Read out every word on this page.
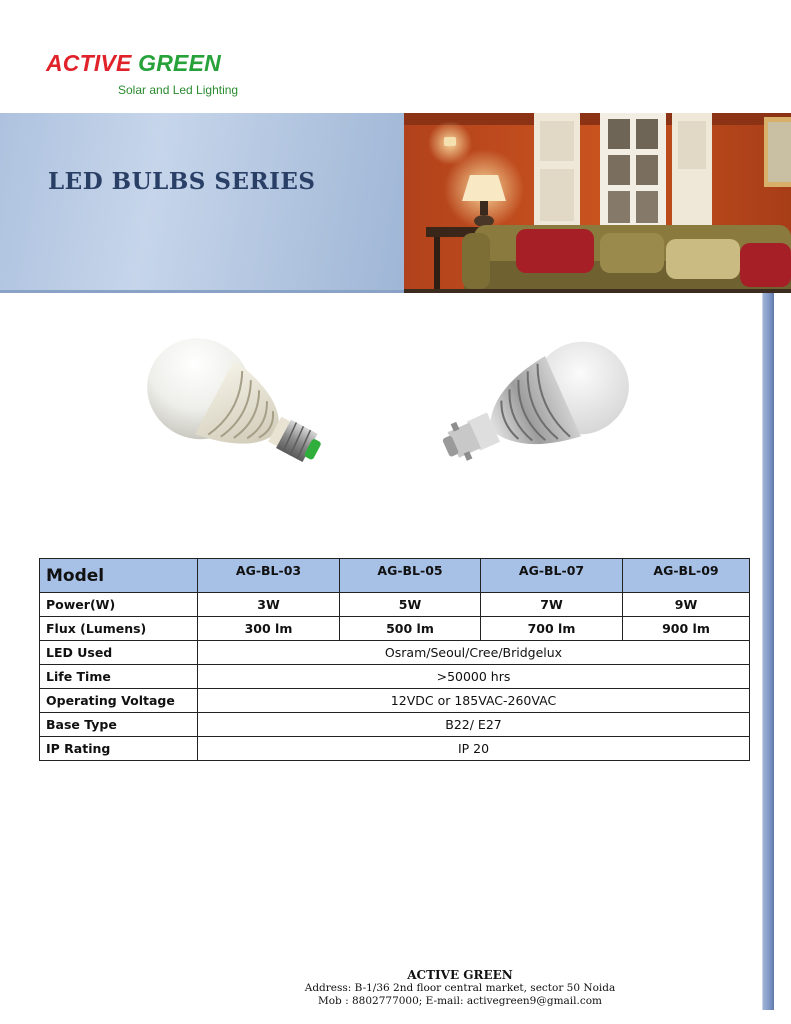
ACTIVE GREEN
Solar and Led Lighting
LED BULBS SERIES
Model	AG-BL-03	AG-BL-05	AG-BL-07	AG-BL-09
Power(W)	3W	5W	7W	9W
Flux (Lumens)	300 lm	500 lm	700 lm	900 lm
LED Used	Osram/Seoul/Cree/Bridgelux			
Life Time	>50000 hrs			
Operating Voltage	12VDC or 185VAC-260VAC			
Base Type	B22/ E27			
IP Rating	IP 20			
ACTIVE GREEN
Address: B-1/36 2nd floor central market, sector 50 Noida
Mob : 8802777000; E-mail: activegreen9@gmail.com
